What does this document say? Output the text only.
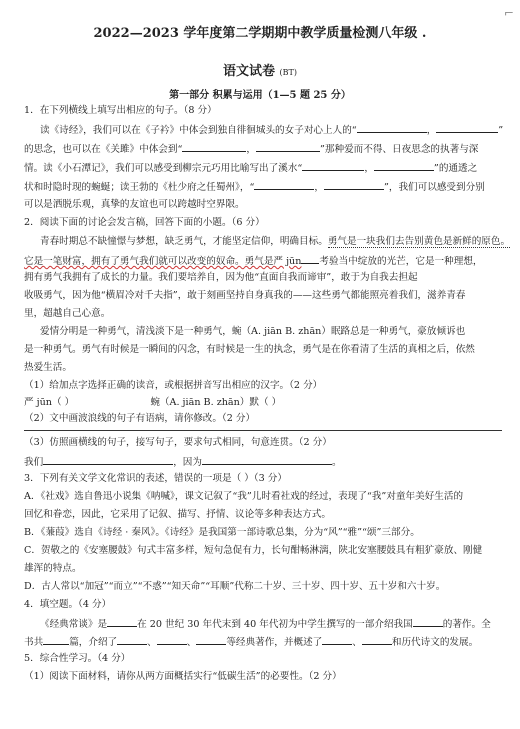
⌐
2022—2023 学年度第二学期期中教学质量检测八年级 .
语文试卷 (BT)
第一部分 积累与运用（1—5 题 25 分）
1．在下列横线上填写出相应的句子。（8 分）
读《诗经》，我们可以在《子衿》中体会到独自徘徊城头的女子对心上人的“	，	”
的思念，也可以在《关雎》中体会到“	，	”那种爱而不得、日夜思念的执著与深
情。读《小石潭记》，我们可以感受到柳宗元巧用比喻写出了溪水“	，	”的通透之
状和时隐时现的蜿蜒；读王勃的《杜少府之任蜀州》，“	，	”，我们可以感受到分别
可以是洒脱乐观，真挚的友谊也可以跨越时空界限。
2．阅读下面的讨论会发言稿，回答下面的小题。（6 分）
青春时期总不缺憧憬与梦想，缺乏勇气，才能坚定信仰，明确目标。勇气是一块我们去告别黄色是新鲜的原色。
它是一笔财富，拥有了勇气我们就可以改变的奴命。勇气是严 jūn 考验当中绽放的光芒，它是一种理想，
拥有勇气我拥有了成长的力量。我们要培养自，因为他“直面自我而谛审”，敢于为自我去担起
收吸勇气，因为他“横眉冷对千夫指”，敢于刻画坚持自身真我的——这些勇气都能照亮着我们，滋养青春
里，超越自己心意。
爱情分明是一种勇气，清浅淡下是一种勇气，蜿（A. jiān B. zhān）眠路总是一种勇气，豪放倾诉也
是一种勇气。勇气有时候是一瞬间的闪念，有时候是一生的执念，勇气是在你看清了生活的真相之后，依然
热爱生活。
（1）给加点字选择正确的读音，或根据拼音写出相应的汉字。（2 分）
严 jūn（ ）	蜿（A. jiān B. zhān）默（ ）
（2）文中画波浪线的句子有语病，请你修改。（2 分）
（3）仿照画横线的句子，接写句子，要求句式相同，句意连贯。（2 分）
我们	，因为	。
3．下列有关文学文化常识的表述，错误的一项是（ ）（3 分）
A．《社戏》选自鲁迅小说集《呐喊》，课文记叙了“我”儿时看社戏的经过，表现了“我”对童年美好生活的
回忆和眷恋，因此，它采用了记叙、描写、抒情、议论等多种表达方式。
B．《蒹葭》选自《诗经 · 秦风》。《诗经》是我国第一部诗歌总集，分为“风”“雅”“颂”三部分。
C．贺敬之的《安塞腰鼓》句式丰富多样，短句急促有力，长句酣畅淋漓，陕北安塞腰鼓具有粗犷豪放、刚健
雄浑的特点。
D．古人常以“加冠”“而立”“不惑”“知天命”“耳顺”代称二十岁、三十岁、四十岁、五十岁和六十岁。
4．填空题。（4 分）
《经典常谈》是	在 20 世纪 30 年代末到 40 年代初为中学生撰写的一部介绍我国	的著作。全
书共	篇，介绍了	、	、	等经典著作，并概述了	、	和历代诗文的发展。
5．综合性学习。（4 分）
（1）阅读下面材料，请你从两方面概括实行“低碳生活”的必要性。（2 分）
